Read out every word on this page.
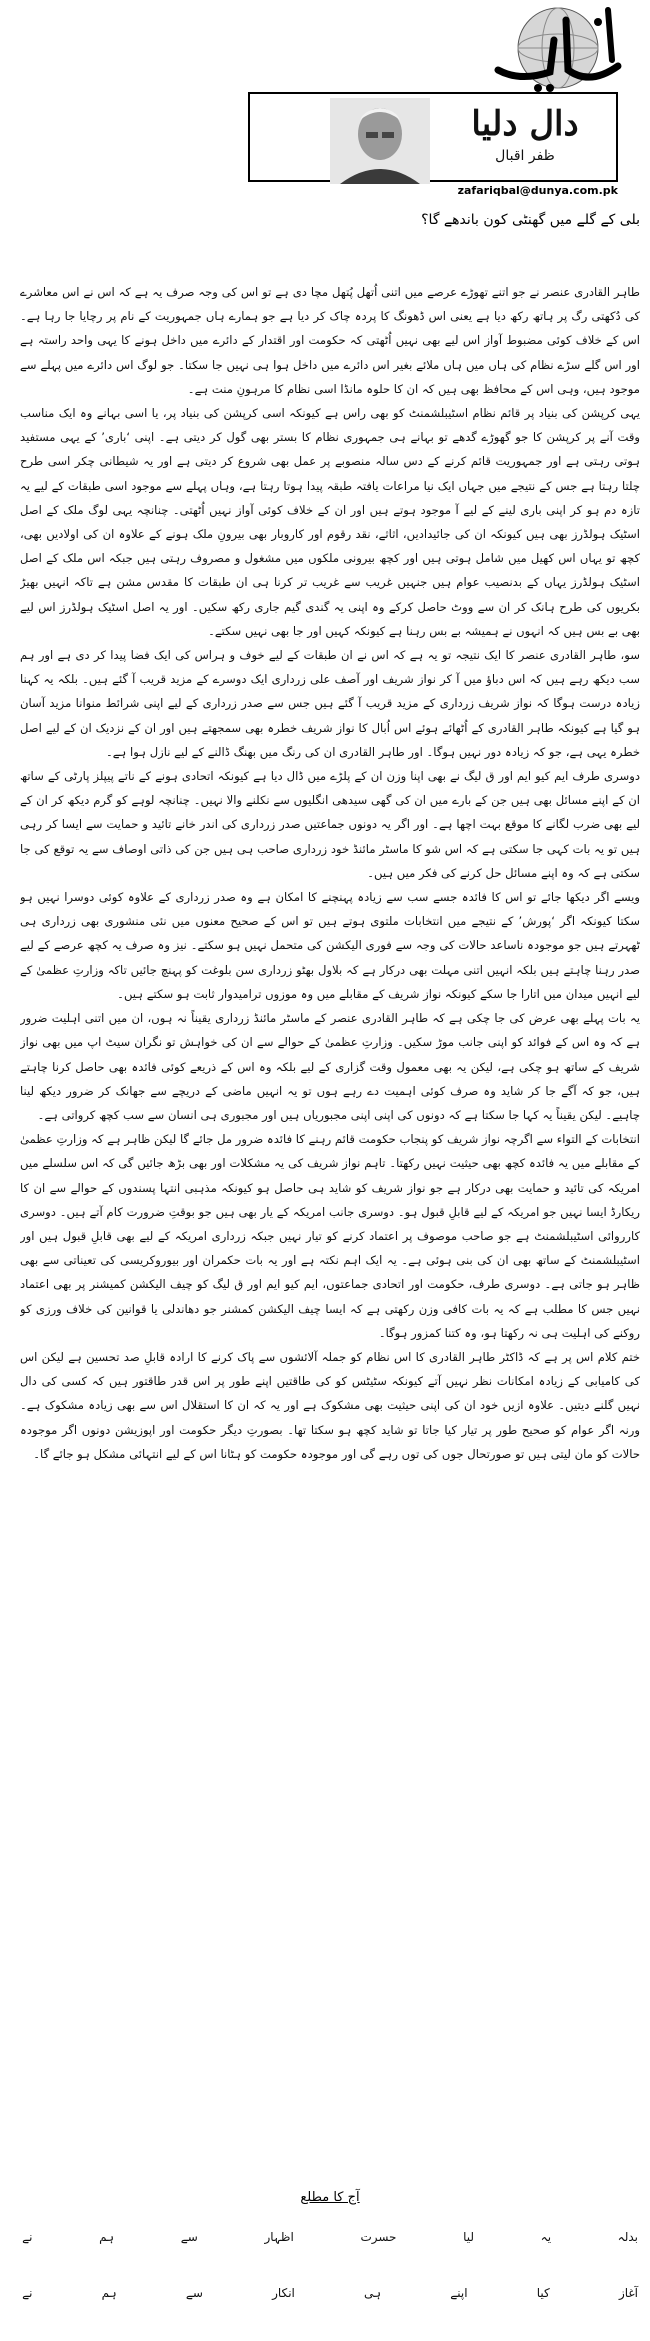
دال دلیا
ظفر اقبال
zafariqbal@dunya.com.pk
بلی کے گلے میں گھنٹی کون باندھے گا؟

طاہر القادری عنصر نے جو اتنے تھوڑے عرصے میں اتنی اُتھل پُتھل مچا دی ہے تو اس کی وجہ صرف یہ ہے کہ اس نے اس معاشرے کی دُکھتی رگ پر ہاتھ رکھ دیا ہے یعنی اس ڈھونگ کا پردہ چاک کر دیا ہے جو ہمارے ہاں جمہوریت کے نام پر رچایا جا رہا ہے۔ اس کے خلاف کوئی مضبوط آواز اس لیے بھی نہیں اُٹھتی کہ حکومت اور اقتدار کے دائرے میں داخل ہونے کا یہی واحد راستہ ہے اور اس گلے سڑے نظام کی ہاں میں ہاں ملائے بغیر اس دائرے میں داخل ہوا ہی نہیں جا سکتا۔ جو لوگ اس دائرے میں پہلے سے موجود ہیں، وہی اس کے محافظ بھی ہیں کہ ان کا حلوہ مانڈا اسی نظام کا مرہونِ منت ہے۔

یہی کرپشن کی بنیاد پر قائم نظام اسٹیبلشمنٹ کو بھی راس ہے کیونکہ اسی کرپشن کی بنیاد پر، یا اسی بہانے وہ ایک مناسب وقت آنے پر کرپشن کا جو گھوڑے گدھے تو بہانے ہی جمہوری نظام کا بستر بھی گول کر دیتی ہے۔ اپنی ‘باری’ کے یہی مستفید ہوتی رہتی ہے اور جمہوریت قائم کرنے کے دس سالہ منصوبے پر عمل بھی شروع کر دیتی ہے اور یہ شیطانی چکر اسی طرح چلتا رہتا ہے جس کے نتیجے میں جہاں ایک نیا مراعات یافتہ طبقہ پیدا ہوتا رہتا ہے، وہاں پہلے سے موجود اسی طبقات کے لیے یہ تازہ دم ہو کر اپنی باری لینے کے لیے آ موجود ہوتے ہیں اور ان کے خلاف کوئی آواز نہیں اُٹھتی۔ چنانچہ یہی لوگ ملک کے اصل اسٹیک ہولڈرز بھی ہیں کیونکہ ان کی جائیدادیں، اثاثے، نقد رقوم اور کاروبار بھی بیرونِ ملک ہونے کے علاوہ ان کی اولادیں بھی، کچھ تو یہاں اس کھیل میں شامل ہوتی ہیں اور کچھ بیرونی ملکوں میں مشغول و مصروف رہتی ہیں جبکہ اس ملک کے اصل اسٹیک ہولڈرز یہاں کے بدنصیب عوام ہیں جنہیں غریب سے غریب تر کرنا ہی ان طبقات کا مقدس مشن ہے تاکہ انہیں بھیڑ بکریوں کی طرح ہانک کر ان سے ووٹ حاصل کرکے وہ اپنی یہ گندی گیم جاری رکھ سکیں۔ اور یہ اصل اسٹیک ہولڈرز اس لیے بھی بے بس ہیں کہ انہوں نے ہمیشہ بے بس رہنا ہے کیونکہ کہیں اور جا بھی نہیں سکتے۔

سو، طاہر القادری عنصر کا ایک نتیجہ تو یہ ہے کہ اس نے ان طبقات کے لیے خوف و ہراس کی ایک فضا پیدا کر دی ہے اور ہم سب دیکھ رہے ہیں کہ اس دباؤ میں آ کر نواز شریف اور آصف علی زرداری ایک دوسرے کے مزید قریب آ گئے ہیں۔ بلکہ یہ کہنا زیادہ درست ہوگا کہ نواز شریف زرداری کے مزید قریب آ گئے ہیں جس سے صدر زرداری کے لیے اپنی شرائط منوانا مزید آسان ہو گیا ہے کیونکہ طاہر القادری کے اُٹھائے ہوئے اس اُبال کا نواز شریف خطرہ بھی سمجھتے ہیں اور ان کے نزدیک ان کے لیے اصل خطرہ یہی ہے، جو کہ زیادہ دور نہیں ہوگا۔ اور طاہر القادری ان کی رنگ میں بھنگ ڈالنے کے لیے نازل ہوا ہے۔

دوسری طرف ایم کیو ایم اور ق لیگ نے بھی اپنا وزن ان کے پلڑے میں ڈال دیا ہے کیونکہ اتحادی ہونے کے ناتے پیپلز پارٹی کے ساتھ ان کے اپنے مسائل بھی ہیں جن کے بارے میں ان کی گھی سیدھی انگلیوں سے نکلنے والا نہیں۔ چنانچہ لوہے کو گرم دیکھ کر ان کے لیے بھی ضرب لگانے کا موقع بہت اچھا ہے۔ اور اگر یہ دونوں جماعتیں صدر زرداری کی اندر خانے تائید و حمایت سے ایسا کر رہی ہیں تو یہ بات کہی جا سکتی ہے کہ اس شو کا ماسٹر مائنڈ خود زرداری صاحب ہی ہیں جن کی ذاتی اوصاف سے یہ توقع کی جا سکتی ہے کہ وہ اپنے مسائل حل کرنے کی فکر میں ہیں۔

ویسے اگر دیکھا جائے تو اس کا فائدہ جسے سب سے زیادہ پہنچنے کا امکان ہے وہ صدر زرداری کے علاوہ کوئی دوسرا نہیں ہو سکتا کیونکہ اگر ‘پورش’ کے نتیجے میں انتخابات ملتوی ہوتے ہیں تو اس کے صحیح معنوں میں نئی منشوری بھی زرداری ہی ٹھہرتے ہیں جو موجودہ ناساعد حالات کی وجہ سے فوری الیکشن کی متحمل نہیں ہو سکتے۔ نیز وہ صرف یہ کچھ عرصے کے لیے صدر رہنا چاہتے ہیں بلکہ انہیں اتنی مہلت بھی درکار ہے کہ بلاول بھٹو زرداری سن بلوغت کو پہنچ جائیں تاکہ وزارتِ عظمیٰ کے لیے انہیں میدان میں اتارا جا سکے کیونکہ نواز شریف کے مقابلے میں وہ موزوں ترامیدوار ثابت ہو سکتے ہیں۔

یہ بات پہلے بھی عرض کی جا چکی ہے کہ طاہر القادری عنصر کے ماسٹر مائنڈ زرداری یقیناً نہ ہوں، ان میں اتنی اہلیت ضرور ہے کہ وہ اس کے فوائد کو اپنی جانب موڑ سکیں۔ وزارتِ عظمیٰ کے حوالے سے ان کی خواہش تو نگران سیٹ اپ میں بھی نواز شریف کے ساتھ ہو چکی ہے، لیکن یہ بھی معمول وقت گزاری کے لیے بلکہ وہ اس کے ذریعے کوئی فائدہ بھی حاصل کرنا چاہتے ہیں، جو کہ آگے جا کر شاید وہ صرف کوئی اہمیت دے رہے ہوں تو یہ انہیں ماضی کے دریچے سے جھانک کر ضرور دیکھ لینا چاہیے۔ لیکن یقیناً یہ کہا جا سکتا ہے کہ دونوں کی اپنی اپنی مجبوریاں ہیں اور مجبوری ہی انسان سے سب کچھ کرواتی ہے۔

انتخابات کے التواء سے اگرچہ نواز شریف کو پنجاب حکومت قائم رہنے کا فائدہ ضرور مل جائے گا لیکن ظاہر ہے کہ وزارتِ عظمیٰ کے مقابلے میں یہ فائدہ کچھ بھی حیثیت نہیں رکھتا۔ تاہم نواز شریف کی یہ مشکلات اور بھی بڑھ جائیں گی کہ اس سلسلے میں امریکہ کی تائید و حمایت بھی درکار ہے جو نواز شریف کو شاید ہی حاصل ہو کیونکہ مذہبی انتہا پسندوں کے حوالے سے ان کا ریکارڈ ایسا نہیں جو امریکہ کے لیے قابلِ قبول ہو۔ دوسری جانب امریکہ کے یار بھی ہیں جو بوقتِ ضرورت کام آتے ہیں۔ دوسری کارروائی اسٹیبلشمنٹ ہے جو صاحب موصوف پر اعتماد کرنے کو تیار نہیں جبکہ زرداری امریکہ کے لیے بھی قابلِ قبول ہیں اور اسٹیبلشمنٹ کے ساتھ بھی ان کی بنی ہوئی ہے۔ یہ ایک اہم نکتہ ہے اور یہ بات حکمران اور بیوروکریسی کی تعیناتی سے بھی ظاہر ہو جاتی ہے۔ دوسری طرف، حکومت اور اتحادی جماعتوں، ایم کیو ایم اور ق لیگ کو چیف الیکشن کمیشنر پر بھی اعتماد نہیں جس کا مطلب ہے کہ یہ بات کافی وزن رکھتی ہے کہ ایسا چیف الیکشن کمشنر جو دھاندلی یا قوانین کی خلاف ورزی کو روکنے کی اہلیت ہی نہ رکھتا ہو، وہ کتنا کمزور ہوگا۔

ختم کلام اس پر ہے کہ ڈاکٹر طاہر القادری کا اس نظام کو جملہ آلائشوں سے پاک کرنے کا ارادہ قابلِ صد تحسین ہے لیکن اس کی کامیابی کے زیادہ امکانات نظر نہیں آتے کیونکہ سٹیٹس کو کی طاقتیں اپنے طور پر اس قدر طاقتور ہیں کہ کسی کی دال نہیں گلنے دیتیں۔ علاوہ ازیں خود ان کی اپنی حیثیت بھی مشکوک ہے اور یہ کہ ان کا استقلال اس سے بھی زیادہ مشکوک ہے۔ ورنہ اگر عوام کو صحیح طور پر تیار کیا جاتا تو شاید کچھ ہو سکتا تھا۔ بصورتِ دیگر حکومت اور اپوزیشن دونوں اگر موجودہ حالات کو مان لیتی ہیں تو صورتحال جوں کی توں رہے گی اور موجودہ حکومت کو ہٹانا اس کے لیے انتہائی مشکل ہو جائے گا۔

آج کا مطلع
بدلہ
یہ
لیا
حسرت
اظہار
سے
ہم
نے
آغاز
کیا
اپنے
ہی
انکار
سے
ہم
نے
